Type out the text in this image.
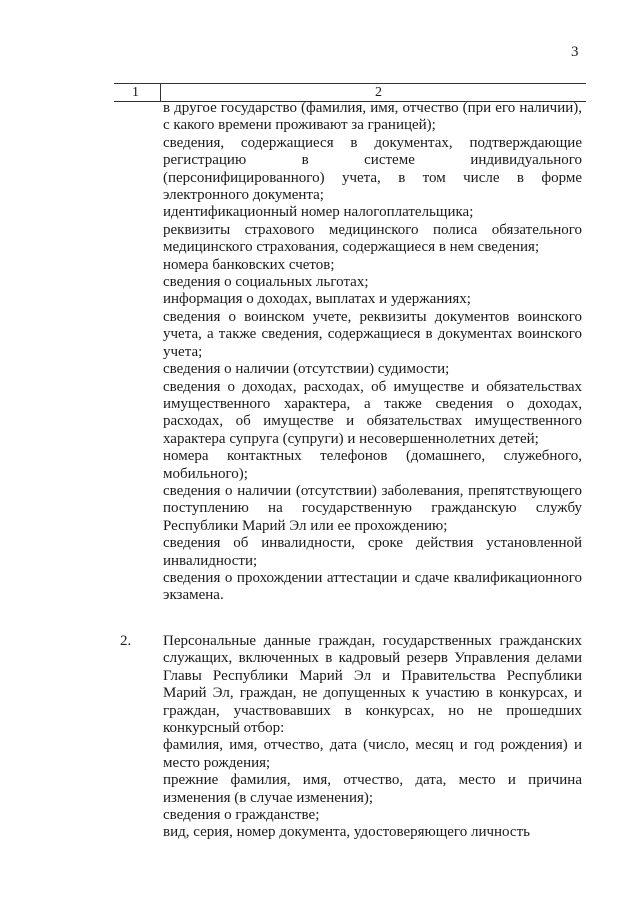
3
1	2

в другое государство (фамилия, имя, отчество (при его наличии), с какого времени проживают за границей);

сведения, содержащиеся в документах, подтверждающие регистрацию в системе индивидуального (персонифицированного) учета, в том числе в форме электронного документа;

идентификационный номер налогоплательщика;

реквизиты страхового медицинского полиса обязательного медицинского страхования, содержащиеся в нем сведения;

номера банковских счетов;

сведения о социальных льготах;

информация о доходах, выплатах и удержаниях;

сведения о воинском учете, реквизиты документов воинского учета, а также сведения, содержащиеся в документах воинского учета;

сведения о наличии (отсутствии) судимости;

сведения о доходах, расходах, об имуществе и обязательствах имущественного характера, а также сведения о доходах, расходах, об имуществе и обязательствах имущественного характера супруга (супруги) и несовершеннолетних детей;

номера контактных телефонов (домашнего, служебного, мобильного);

сведения о наличии (отсутствии) заболевания, препятствующего поступлению на государственную гражданскую службу Республики Марий Эл или ее прохождению;

сведения об инвалидности, сроке действия установленной инвалидности;

сведения о прохождении аттестации и сдаче квалификационного экзамена.

2. Персональные данные граждан, государственных гражданских служащих, включенных в кадровый резерв Управления делами Главы Республики Марий Эл и Правительства Республики Марий Эл, граждан, не допущенных к участию в конкурсах, и граждан, участвовавших в конкурсах, но не прошедших конкурсный отбор:

фамилия, имя, отчество, дата (число, месяц и год рождения) и место рождения;

прежние фамилия, имя, отчество, дата, место и причина изменения (в случае изменения);

сведения о гражданстве;

вид, серия, номер документа, удостоверяющего личность
